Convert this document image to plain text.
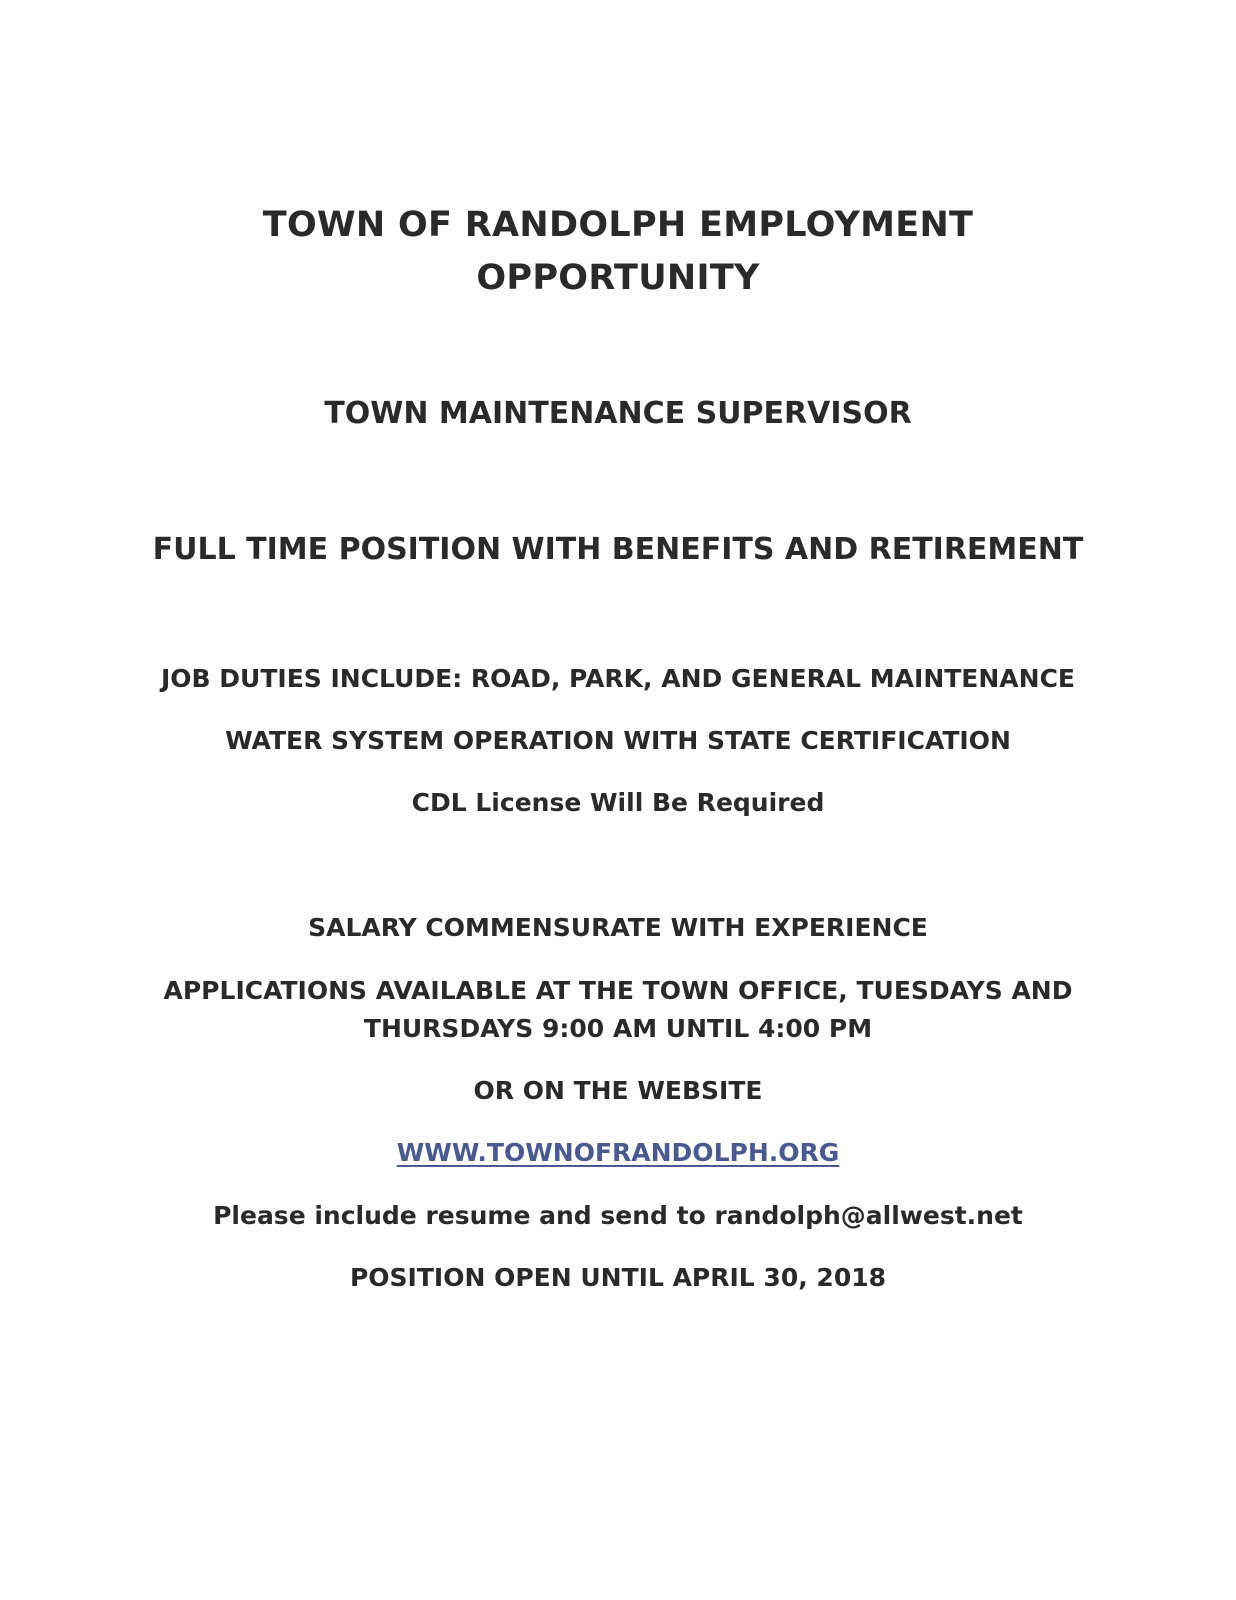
TOWN OF RANDOLPH EMPLOYMENT
OPPORTUNITY
TOWN MAINTENANCE SUPERVISOR
FULL TIME POSITION WITH BENEFITS AND RETIREMENT
JOB DUTIES INCLUDE: ROAD, PARK, AND GENERAL MAINTENANCE
WATER SYSTEM OPERATION WITH STATE CERTIFICATION
CDL License Will Be Required
SALARY COMMENSURATE WITH EXPERIENCE
APPLICATIONS AVAILABLE AT THE TOWN OFFICE, TUESDAYS AND
THURSDAYS 9:00 AM UNTIL 4:00 PM
OR ON THE WEBSITE
WWW.TOWNOFRANDOLPH.ORG
Please include resume and send to randolph@allwest.net
POSITION OPEN UNTIL APRIL 30, 2018
